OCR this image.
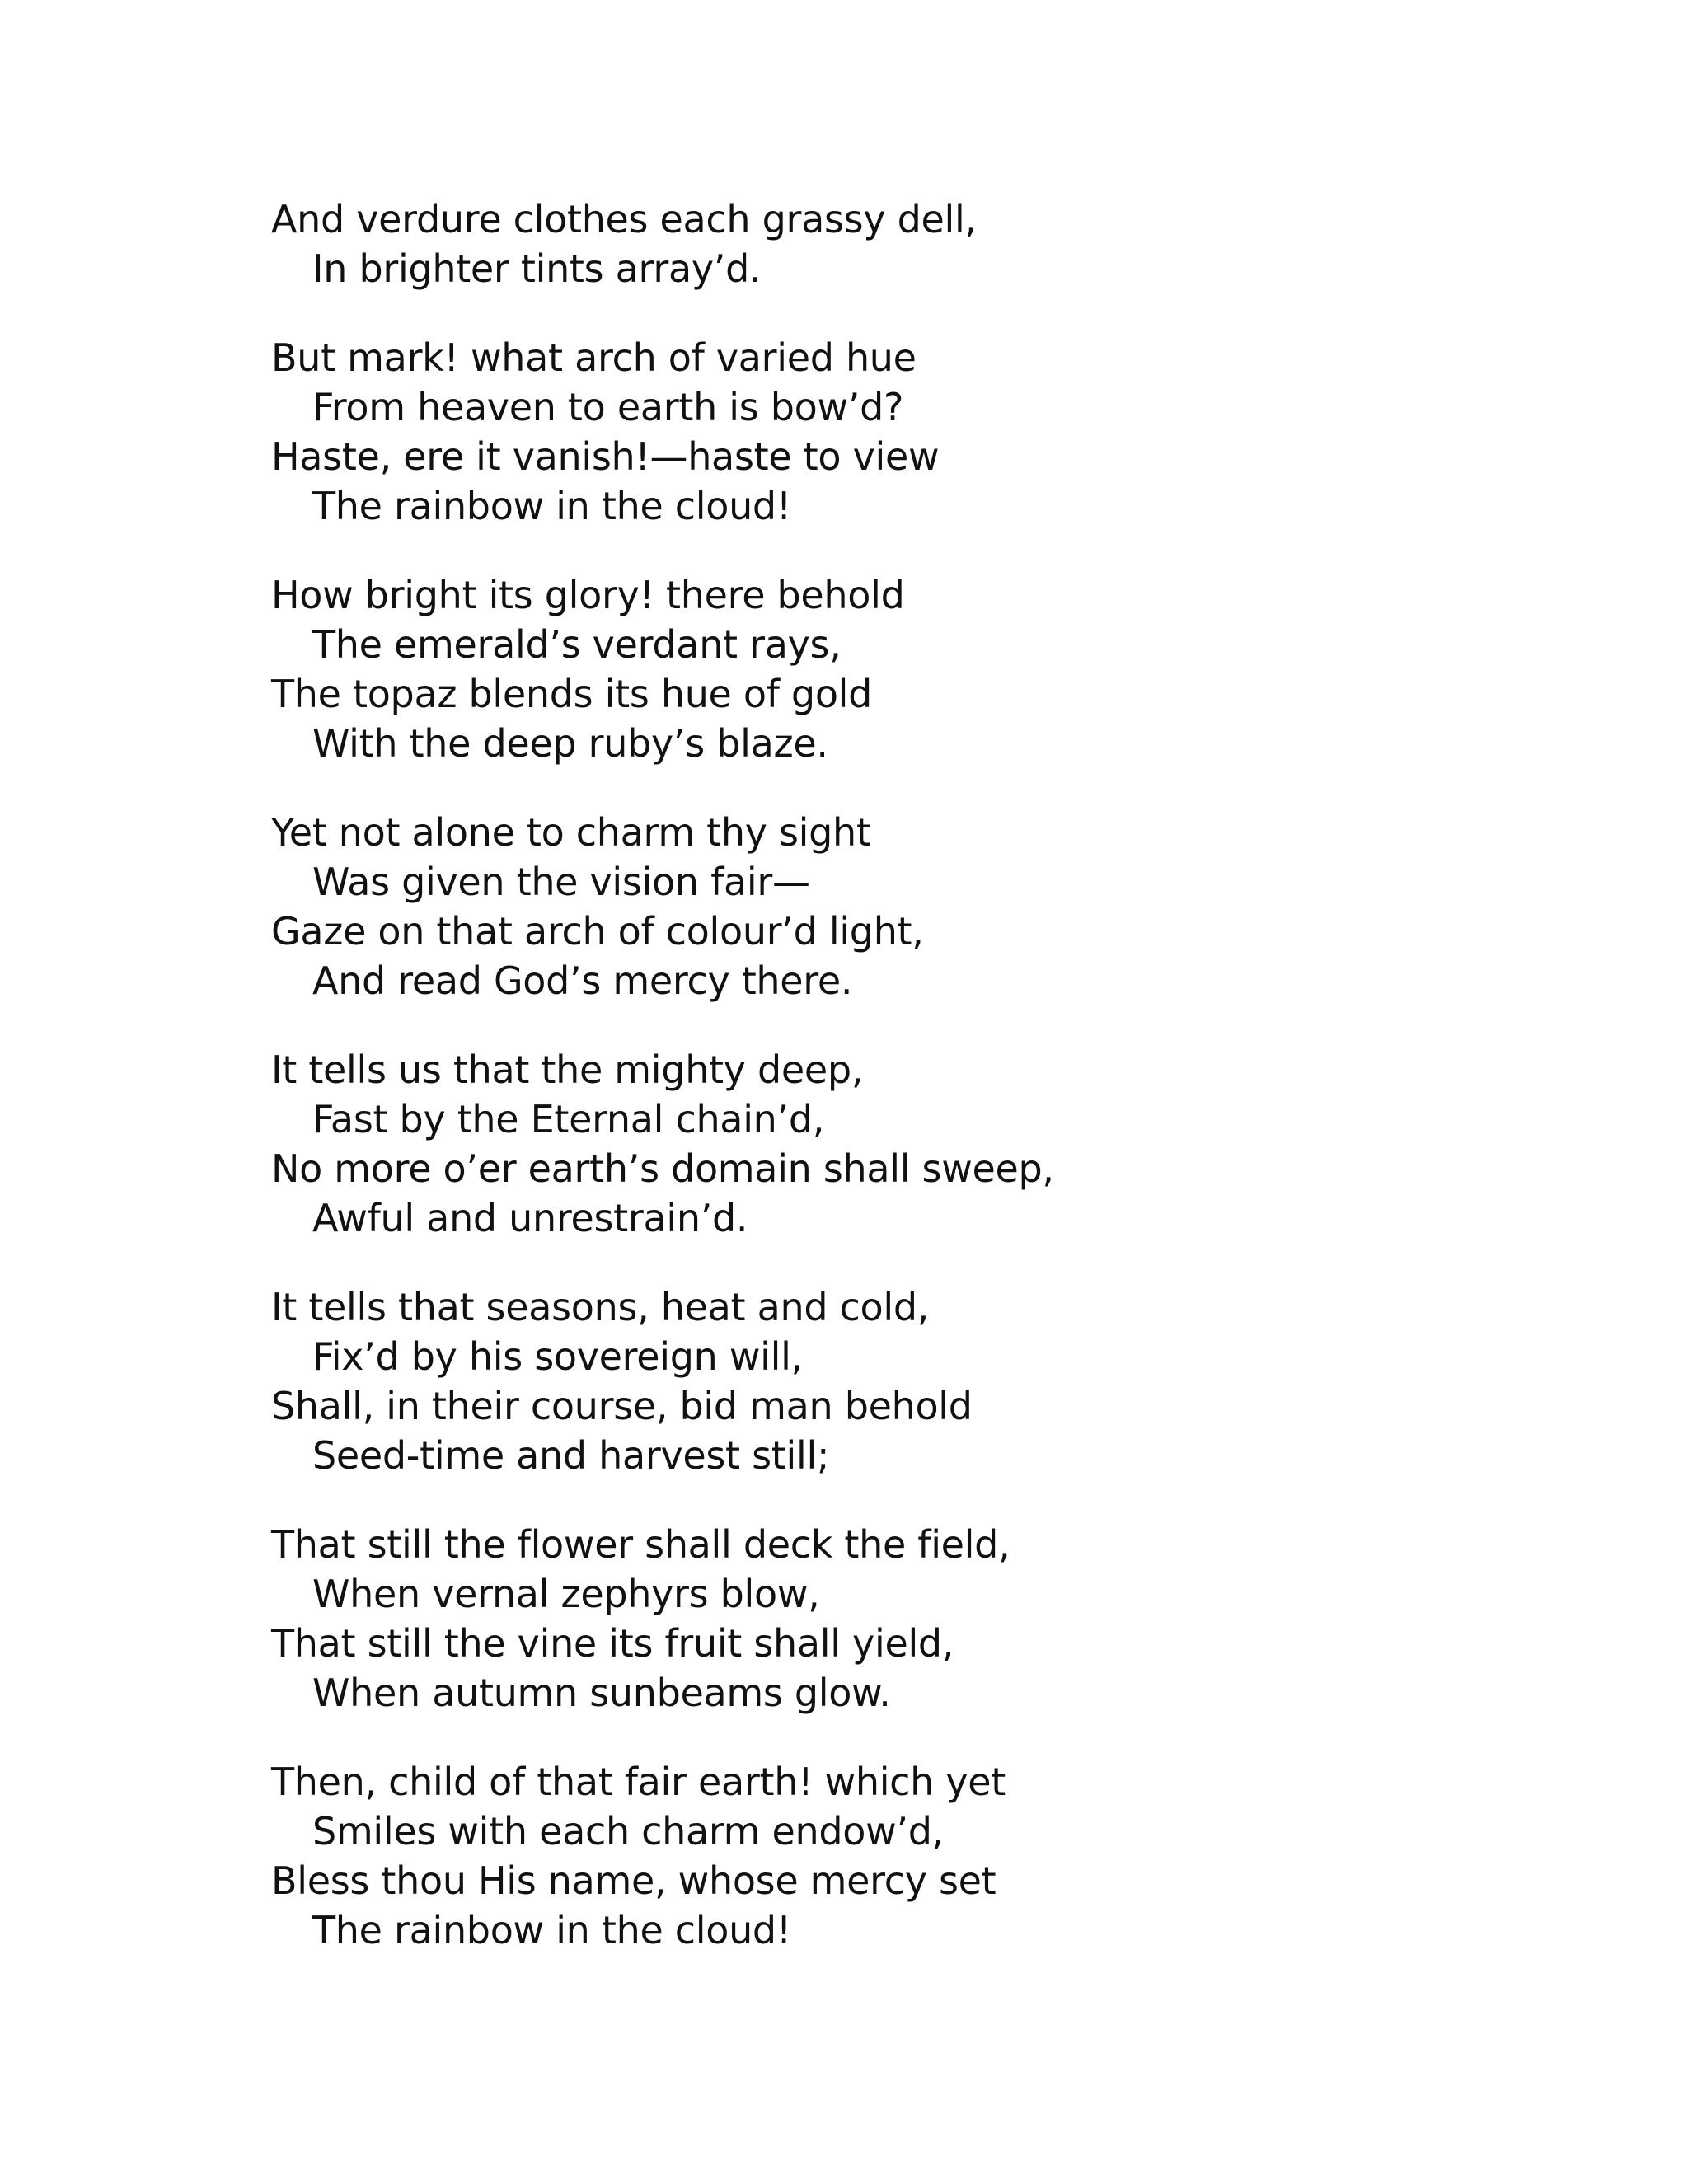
And verdure clothes each grassy dell,
In brighter tints array’d.
But mark! what arch of varied hue
From heaven to earth is bow’d?
Haste, ere it vanish!—haste to view
The rainbow in the cloud!
How bright its glory! there behold
The emerald’s verdant rays,
The topaz blends its hue of gold
With the deep ruby’s blaze.
Yet not alone to charm thy sight
Was given the vision fair—
Gaze on that arch of colour’d light,
And read God’s mercy there.
It tells us that the mighty deep,
Fast by the Eternal chain’d,
No more o’er earth’s domain shall sweep,
Awful and unrestrain’d.
It tells that seasons, heat and cold,
Fix’d by his sovereign will,
Shall, in their course, bid man behold
Seed-time and harvest still;
That still the flower shall deck the field,
When vernal zephyrs blow,
That still the vine its fruit shall yield,
When autumn sunbeams glow.
Then, child of that fair earth! which yet
Smiles with each charm endow’d,
Bless thou His name, whose mercy set
The rainbow in the cloud!
